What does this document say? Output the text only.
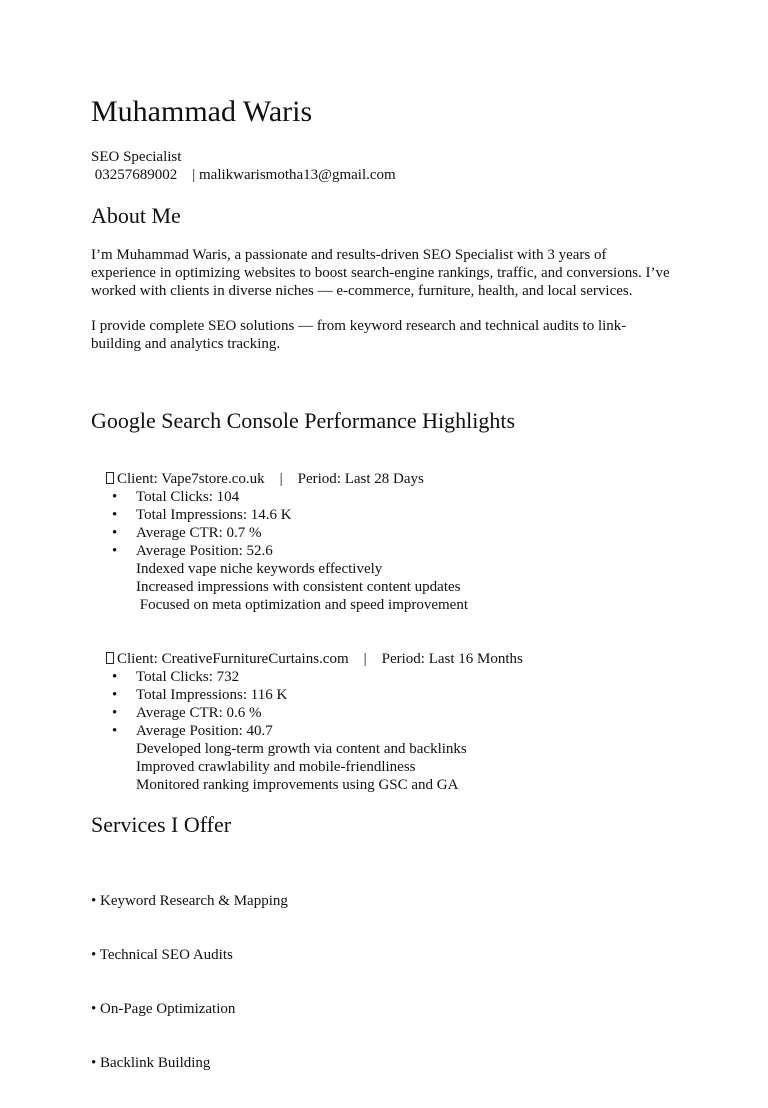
Muhammad Waris
SEO Specialist
03257689002    | malikwarismotha13@gmail.com
About Me
I’m Muhammad Waris, a passionate and results-driven SEO Specialist with 3 years of
experience in optimizing websites to boost search-engine rankings, traffic, and conversions. I’ve
worked with clients in diverse niches — e-commerce, furniture, health, and local services.
I provide complete SEO solutions — from keyword research and technical audits to link-
building and analytics tracking.
Google Search Console Performance Highlights

Client: Vape7store.co.uk    |    Period: Last 28 Days

• Total Clicks: 104
• Total Impressions: 14.6 K
• Average CTR: 0.7 %
• Average Position: 52.6
Indexed vape niche keywords effectively
Increased impressions with consistent content updates
Focused on meta optimization and speed improvement

Client: CreativeFurnitureCurtains.com    |    Period: Last 16 Months

• Total Clicks: 732
• Total Impressions: 116 K
• Average CTR: 0.6 %
• Average Position: 40.7
Developed long-term growth via content and backlinks
Improved crawlability and mobile-friendliness
Monitored ranking improvements using GSC and GA
Services I Offer

• Keyword Research & Mapping

• Technical SEO Audits

• On-Page Optimization

• Backlink Building
